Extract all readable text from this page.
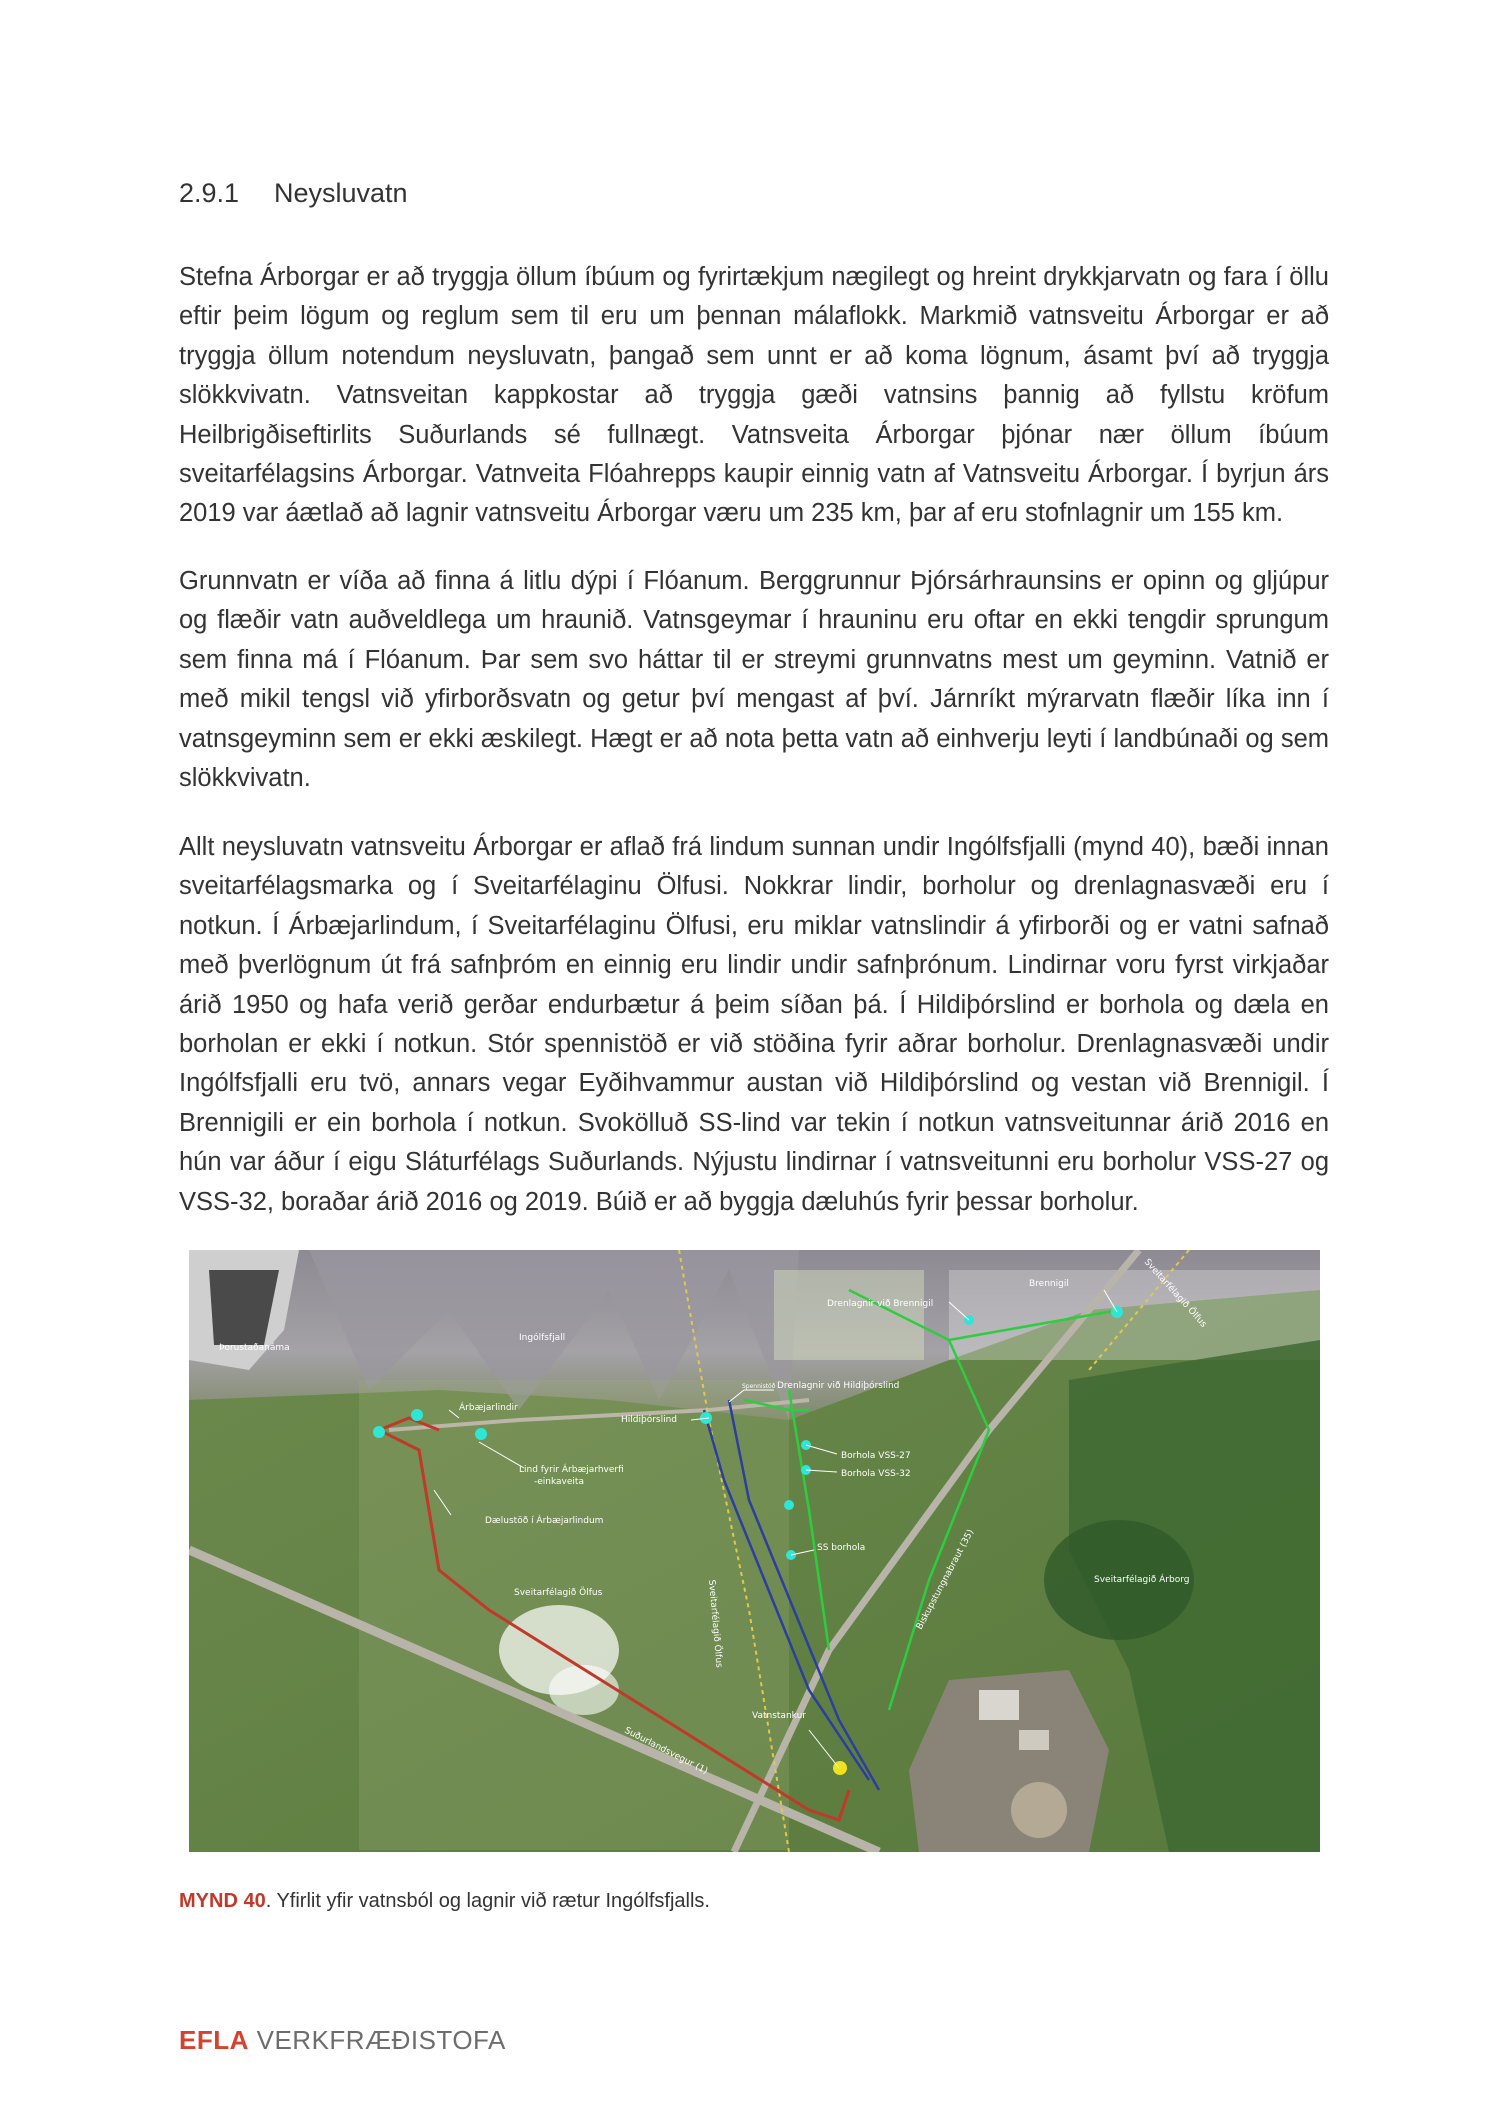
2.9.1 Neysluvatn

Stefna Árborgar er að tryggja öllum íbúum og fyrirtækjum nægilegt og hreint drykkjarvatn og fara í öllu eftir þeim lögum og reglum sem til eru um þennan málaflokk. Markmið vatnsveitu Árborgar er að tryggja öllum notendum neysluvatn, þangað sem unnt er að koma lögnum, ásamt því að tryggja slökkvivatn. Vatnsveitan kappkostar að tryggja gæði vatnsins þannig að fyllstu kröfum Heilbrigðiseftirlits Suðurlands sé fullnægt. Vatnsveita Árborgar þjónar nær öllum íbúum sveitarfélagsins Árborgar. Vatnveita Flóahrepps kaupir einnig vatn af Vatnsveitu Árborgar. Í byrjun árs 2019 var áætlað að lagnir vatnsveitu Árborgar væru um 235 km, þar af eru stofnlagnir um 155 km.

Grunnvatn er víða að finna á litlu dýpi í Flóanum. Berggrunnur Þjórsárhraunsins er opinn og gljúpur og flæðir vatn auðveldlega um hraunið. Vatnsgeymar í hrauninu eru oftar en ekki tengdir sprungum sem finna má í Flóanum. Þar sem svo háttar til er streymi grunnvatns mest um geyminn. Vatnið er með mikil tengsl við yfirborðsvatn og getur því mengast af því. Járnríkt mýrarvatn flæðir líka inn í vatnsgeyminn sem er ekki æskilegt. Hægt er að nota þetta vatn að einhverju leyti í landbúnaði og sem slökkvivatn.

Allt neysluvatn vatnsveitu Árborgar er aflað frá lindum sunnan undir Ingólfsfjalli (mynd 40), bæði innan sveitarfélagsmarka og í Sveitarfélaginu Ölfusi. Nokkrar lindir, borholur og drenlagnasvæði eru í notkun. Í Árbæjarlindum, í Sveitarfélaginu Ölfusi, eru miklar vatnslindir á yfirborði og er vatni safnað með þverlögnum út frá safnþróm en einnig eru lindir undir safnþrónum. Lindirnar voru fyrst virkjaðar árið 1950 og hafa verið gerðar endurbætur á þeim síðan þá. Í Hildiþórslind er borhola og dæla en borholan er ekki í notkun. Stór spennistöð er við stöðina fyrir aðrar borholur. Drenlagnasvæði undir Ingólfsfjalli eru tvö, annars vegar Eyðihvammur austan við Hildiþórslind og vestan við Brennigil. Í Brennigili er ein borhola í notkun. Svokölluð SS-lind var tekin í notkun vatnsveitunnar árið 2016 en hún var áður í eigu Sláturfélags Suðurlands. Nýjustu lindirnar í vatnsveitunni eru borholur VSS-27 og VSS-32, boraðar árið 2016 og 2019. Búið er að byggja dæluhús fyrir þessar borholur.

Þorustaðanáma
Ingólfsfjall
Árbæjarlindir
Hildiþórslind
Spennistöð Drenlagnir við Hildiþórslind
Drenlagnir við Brennigil
Brennigil	Sveitarfélagið Ölfus
Lind fyrir Árbæjarhverfi
-einkaveita
Dælustöð í Árbæjarlindum
Sveitarfélagið Ölfus	Sveitarfélagið Ölfus
Borhola VSS-27
Borhola VSS-32
SS borhola	Biskupstungnabraut (35)	Sveitarfélagið Árborg
Vatnstankur
Suðurlandsvegur (1)
MYND 40. Yfirlit yfir vatnsból og lagnir við rætur Ingólfsfjalls.
EFLA VERKFRÆÐISTOFA
